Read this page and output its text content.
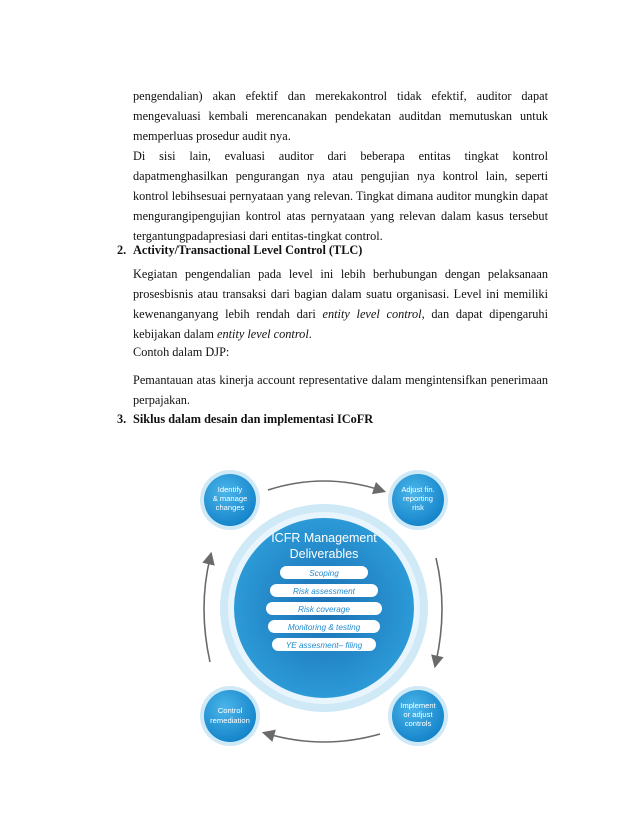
pengendalian) akan efektif dan merekakontrol tidak efektif, auditor dapat mengevaluasi kembali merencanakan pendekatan auditdan memutuskan untuk memperluas prosedur audit nya.
Di sisi lain, evaluasi auditor dari beberapa entitas tingkat kontrol dapatmenghasilkan pengurangan nya atau pengujian nya kontrol lain, seperti kontrol lebihsesuai pernyataan yang relevan. Tingkat dimana auditor mungkin dapat mengurangipengujian kontrol atas pernyataan yang relevan dalam kasus tersebut tergantungpadapresiasi dari entitas-tingkat control.
2. Activity/Transactional Level Control (TLC)
Kegiatan pengendalian pada level ini lebih berhubungan dengan pelaksanaan prosesbisnis atau transaksi dari bagian dalam suatu organisasi. Level ini memiliki kewenanganyang lebih rendah dari entity level control, dan dapat dipengaruhi kebijakan dalam entity level control.
Contoh dalam DJP:
Pemantauan atas kinerja account representative dalam mengintensifkan penerimaan perpajakan.
3. Siklus dalam desain dan implementasi ICoFR
ICFR Management
Deliverables
Scoping
Risk assessment
Risk coverage
Monitoring & testing
YE assesment– filing
Identify
& manage
changes
Adjust fin.
reporting
risk
Control
remediation
Implement
or adjust
controls
